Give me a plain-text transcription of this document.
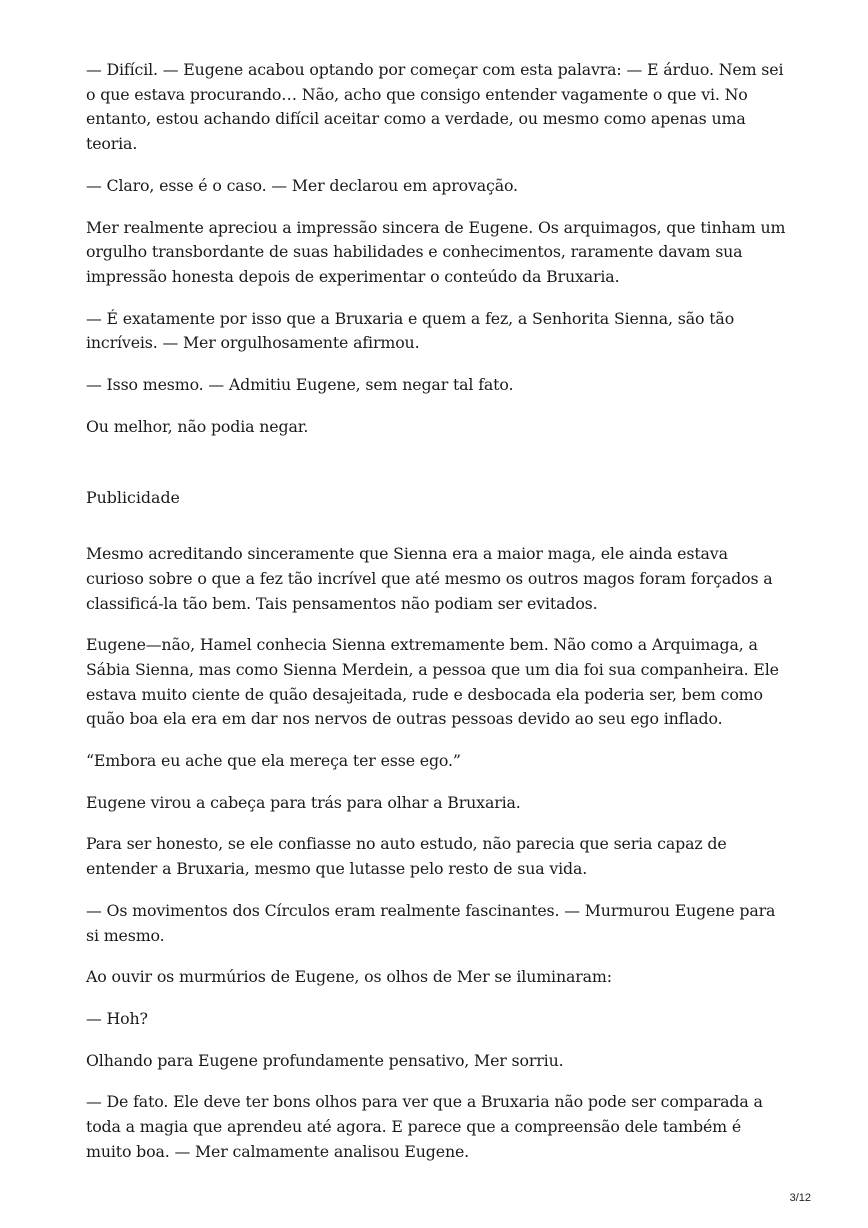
— Difícil. — Eugene acabou optando por começar com esta palavra: — E árduo. Nem sei o que estava procurando… Não, acho que consigo entender vagamente o que vi. No entanto, estou achando difícil aceitar como a verdade, ou mesmo como apenas uma teoria.

— Claro, esse é o caso. — Mer declarou em aprovação.

Mer realmente apreciou a impressão sincera de Eugene. Os arquimagos, que tinham um orgulho transbordante de suas habilidades e conhecimentos, raramente davam sua impressão honesta depois de experimentar o conteúdo da Bruxaria.

— É exatamente por isso que a Bruxaria e quem a fez, a Senhorita Sienna, são tão incríveis. — Mer orgulhosamente afirmou.

— Isso mesmo. — Admitiu Eugene, sem negar tal fato.

Ou melhor, não podia negar.

Publicidade

Mesmo acreditando sinceramente que Sienna era a maior maga, ele ainda estava curioso sobre o que a fez tão incrível que até mesmo os outros magos foram forçados a classificá-la tão bem. Tais pensamentos não podiam ser evitados.

Eugene—não, Hamel conhecia Sienna extremamente bem. Não como a Arquimaga, a Sábia Sienna, mas como Sienna Merdein, a pessoa que um dia foi sua companheira. Ele estava muito ciente de quão desajeitada, rude e desbocada ela poderia ser, bem como quão boa ela era em dar nos nervos de outras pessoas devido ao seu ego inflado.

“Embora eu ache que ela mereça ter esse ego.”

Eugene virou a cabeça para trás para olhar a Bruxaria.

Para ser honesto, se ele confiasse no auto estudo, não parecia que seria capaz de entender a Bruxaria, mesmo que lutasse pelo resto de sua vida.

— Os movimentos dos Círculos eram realmente fascinantes. — Murmurou Eugene para si mesmo.

Ao ouvir os murmúrios de Eugene, os olhos de Mer se iluminaram:

— Hoh?

Olhando para Eugene profundamente pensativo, Mer sorriu.

— De fato. Ele deve ter bons olhos para ver que a Bruxaria não pode ser comparada a toda a magia que aprendeu até agora. E parece que a compreensão dele também é muito boa. — Mer calmamente analisou Eugene.

3/12
